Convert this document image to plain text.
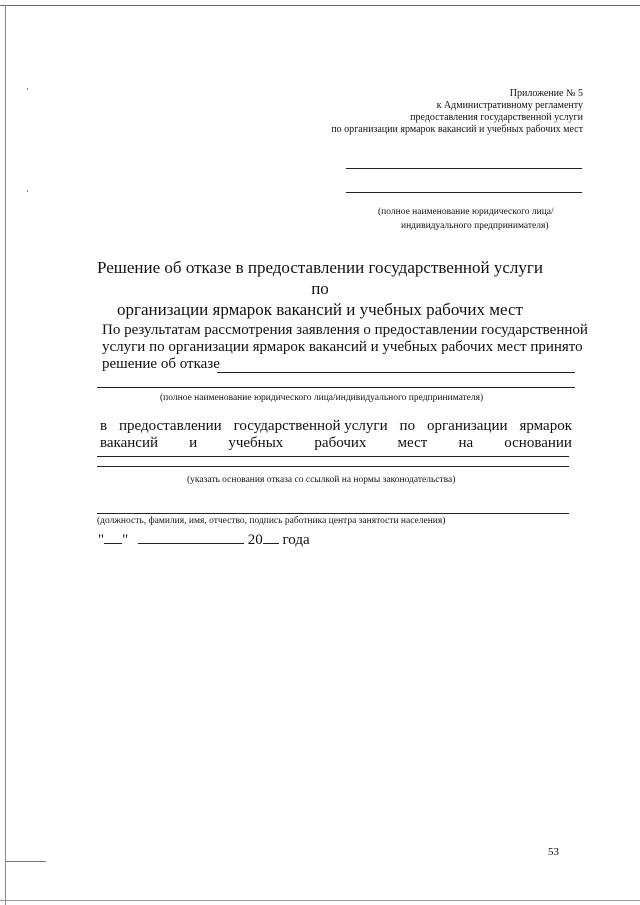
Приложение № 5
к Административному регламенту
предоставления государственной услуги
по организации ярмарок вакансий и учебных рабочих мест
(полное наименование юридического лица/
индивидуального предпринимателя)
Решение об отказе в предоставлении государственной услуги по
организации ярмарок вакансий и учебных рабочих мест
По результатам рассмотрения заявления о предоставлении государственной
услуги по организации ярмарок вакансий и учебных рабочих мест принято
решение об отказе
(полное наименование юридического лица/индивидуального предпринимателя)
в предоставлении государственной услуги по организации ярмарок
вакансий и учебных рабочих мест на основании
(указать основания отказа со ссылкой на нормы законодательства)
(должность, фамилия, имя, отчество, подпись работника центра занятости населения)
" "	20 года
53
